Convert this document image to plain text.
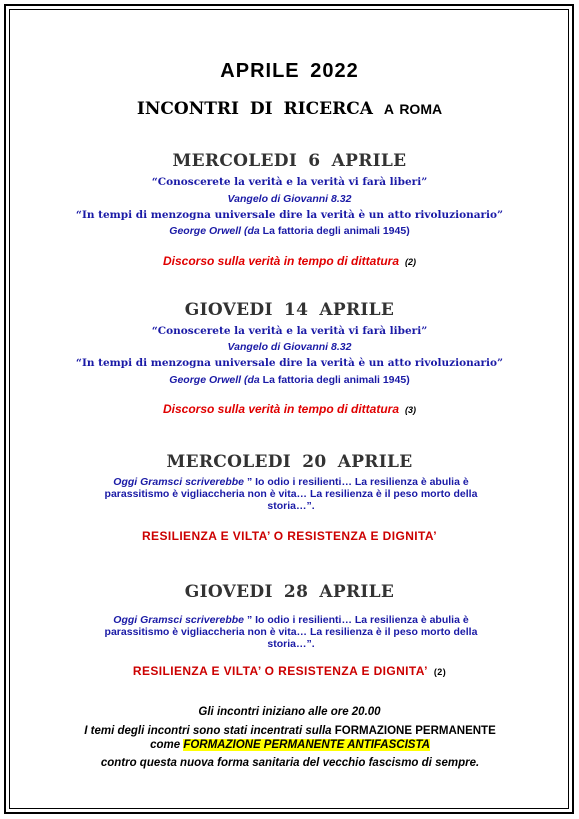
APRILE 2022
INCONTRI DI RICERCA A ROMA
MERCOLEDI 6 APRILE
“Conoscerete la verità e la verità vi farà liberi”
Vangelo di Giovanni 8.32
“In tempi di menzogna universale dire la verità è un atto rivoluzionario”
George Orwell (da La fattoria degli animali 1945)
Discorso sulla verità in tempo di dittatura (2)
GIOVEDI 14 APRILE
“Conoscerete la verità e la verità vi farà liberi”
Vangelo di Giovanni 8.32
“In tempi di menzogna universale dire la verità è un atto rivoluzionario”
George Orwell (da La fattoria degli animali 1945)
Discorso sulla verità in tempo di dittatura (3)
MERCOLEDI 20 APRILE
Oggi Gramsci scriverebbe ” Io odio i resilienti… La resilienza è abulia è parassitismo è vigliaccheria non è vita… La resilienza è il peso morto della storia…”.
RESILIENZA E VILTA’ O RESISTENZA E DIGNITA’
GIOVEDI 28 APRILE
Oggi Gramsci scriverebbe ” Io odio i resilienti… La resilienza è abulia è parassitismo è vigliaccheria non è vita… La resilienza è il peso morto della storia…”.
RESILIENZA E VILTA’ O RESISTENZA E DIGNITA’ (2)
Gli incontri iniziano alle ore 20.00
I temi degli incontri sono stati incentrati sulla FORMAZIONE PERMANENTE come FORMAZIONE PERMANENTE ANTIFASCISTA
contro questa nuova forma sanitaria del vecchio fascismo di sempre.
